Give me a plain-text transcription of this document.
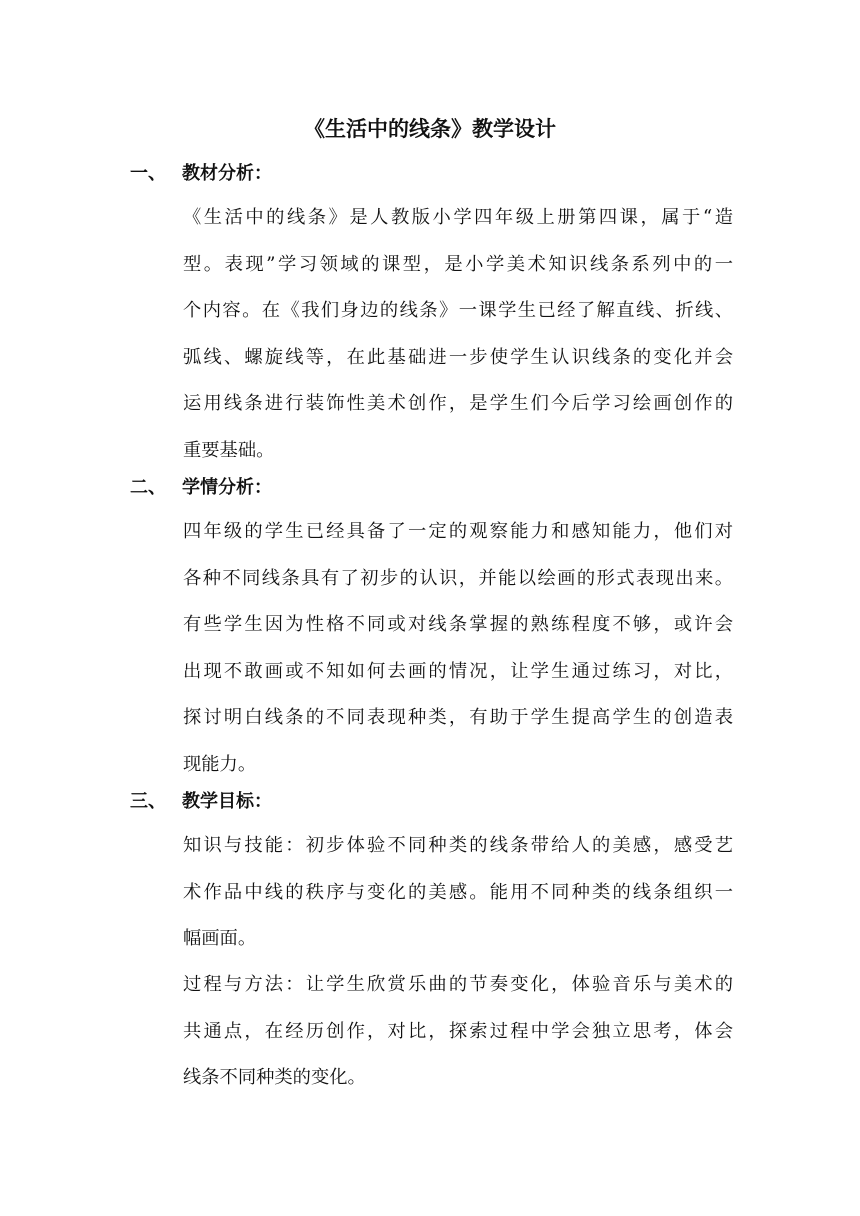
《生活中的线条》教学设计
一、 教材分析：
《生活中的线条》是人教版小学四年级上册第四课，属于“造
型。表现”学习领域的课型，是小学美术知识线条系列中的一
个内容。在《我们身边的线条》一课学生已经了解直线、折线、
弧线、螺旋线等，在此基础进一步使学生认识线条的变化并会
运用线条进行装饰性美术创作，是学生们今后学习绘画创作的
重要基础。
二、 学情分析：
四年级的学生已经具备了一定的观察能力和感知能力，他们对
各种不同线条具有了初步的认识，并能以绘画的形式表现出来。
有些学生因为性格不同或对线条掌握的熟练程度不够，或许会
出现不敢画或不知如何去画的情况，让学生通过练习，对比，
探讨明白线条的不同表现种类，有助于学生提高学生的创造表
现能力。
三、 教学目标：
知识与技能：初步体验不同种类的线条带给人的美感，感受艺
术作品中线的秩序与变化的美感。能用不同种类的线条组织一
幅画面。
过程与方法：让学生欣赏乐曲的节奏变化，体验音乐与美术的
共通点，在经历创作，对比，探索过程中学会独立思考，体会
线条不同种类的变化。
